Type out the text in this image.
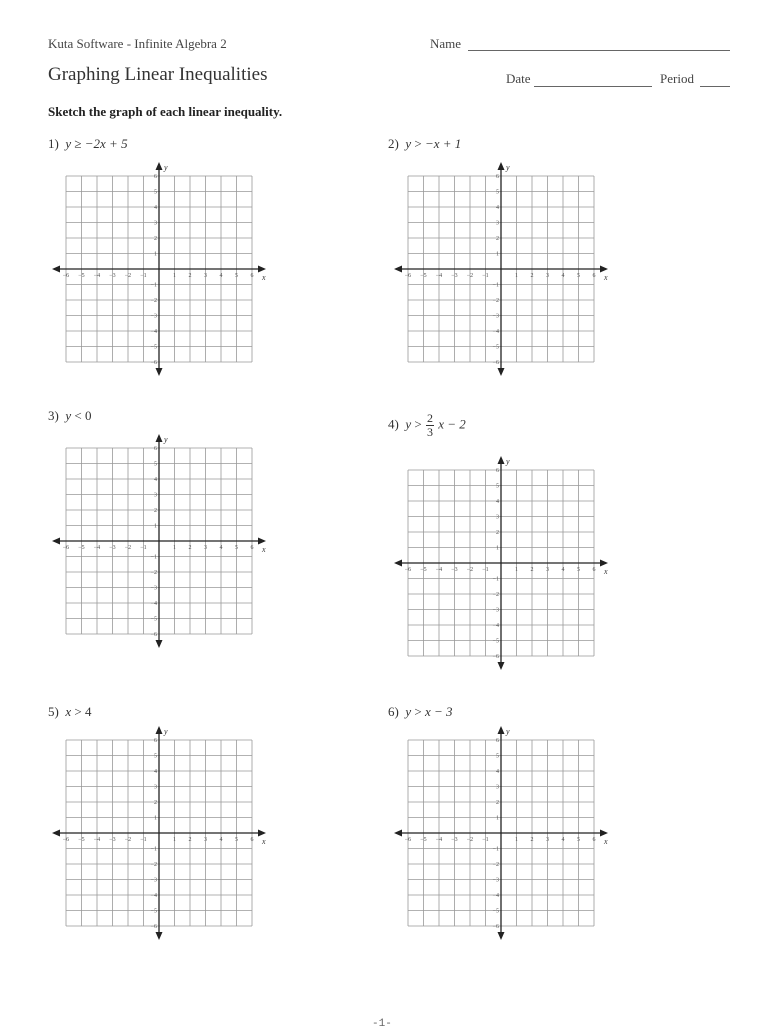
Kuta Software - Infinite Algebra 2	Name
Graphing Linear Inequalities	Date	Period
Sketch the graph of each linear inequality.
1) y ≥ −2x + 5	2) y > −x + 1
3) y < 0
4) $y > \frac{2}{3}$ x − 2
5) x > 4	6) y > x − 3
x
y
−6 −5 −4 −3 −2 −1	1 2 3 4 5 6
6
5
4
3
2
1
−1
−2
−3
−4
−5
−6
x
y
−6 −5 −4 −3 −2 −1	1 2 3 4 5 6
6
5
4
3
2
1
−1
−2
−3
−4
−5
−6
x
y
−6 −5 −4 −3 −2 −1	1 2 3 4 5 6
6
5
4
3
2
1
−1
−2
−3
−4
−5
−6
x
y
−6 −5 −4 −3 −2 −1	1 2 3 4 5 6
6
5
4
3
2
1
−1
−2
−3
−4
−5
−6
x
y
−6 −5 −4 −3 −2 −1	1 2 3 4 5 6
6
5
4
3
2
1
−1
−2
−3
−4
−5
−6
x
y
−6 −5 −4 −3 −2 −1	1 2 3 4 5 6
6
5
4
3
2
1
−1
−2
−3
−4
−5
−6
-1-
